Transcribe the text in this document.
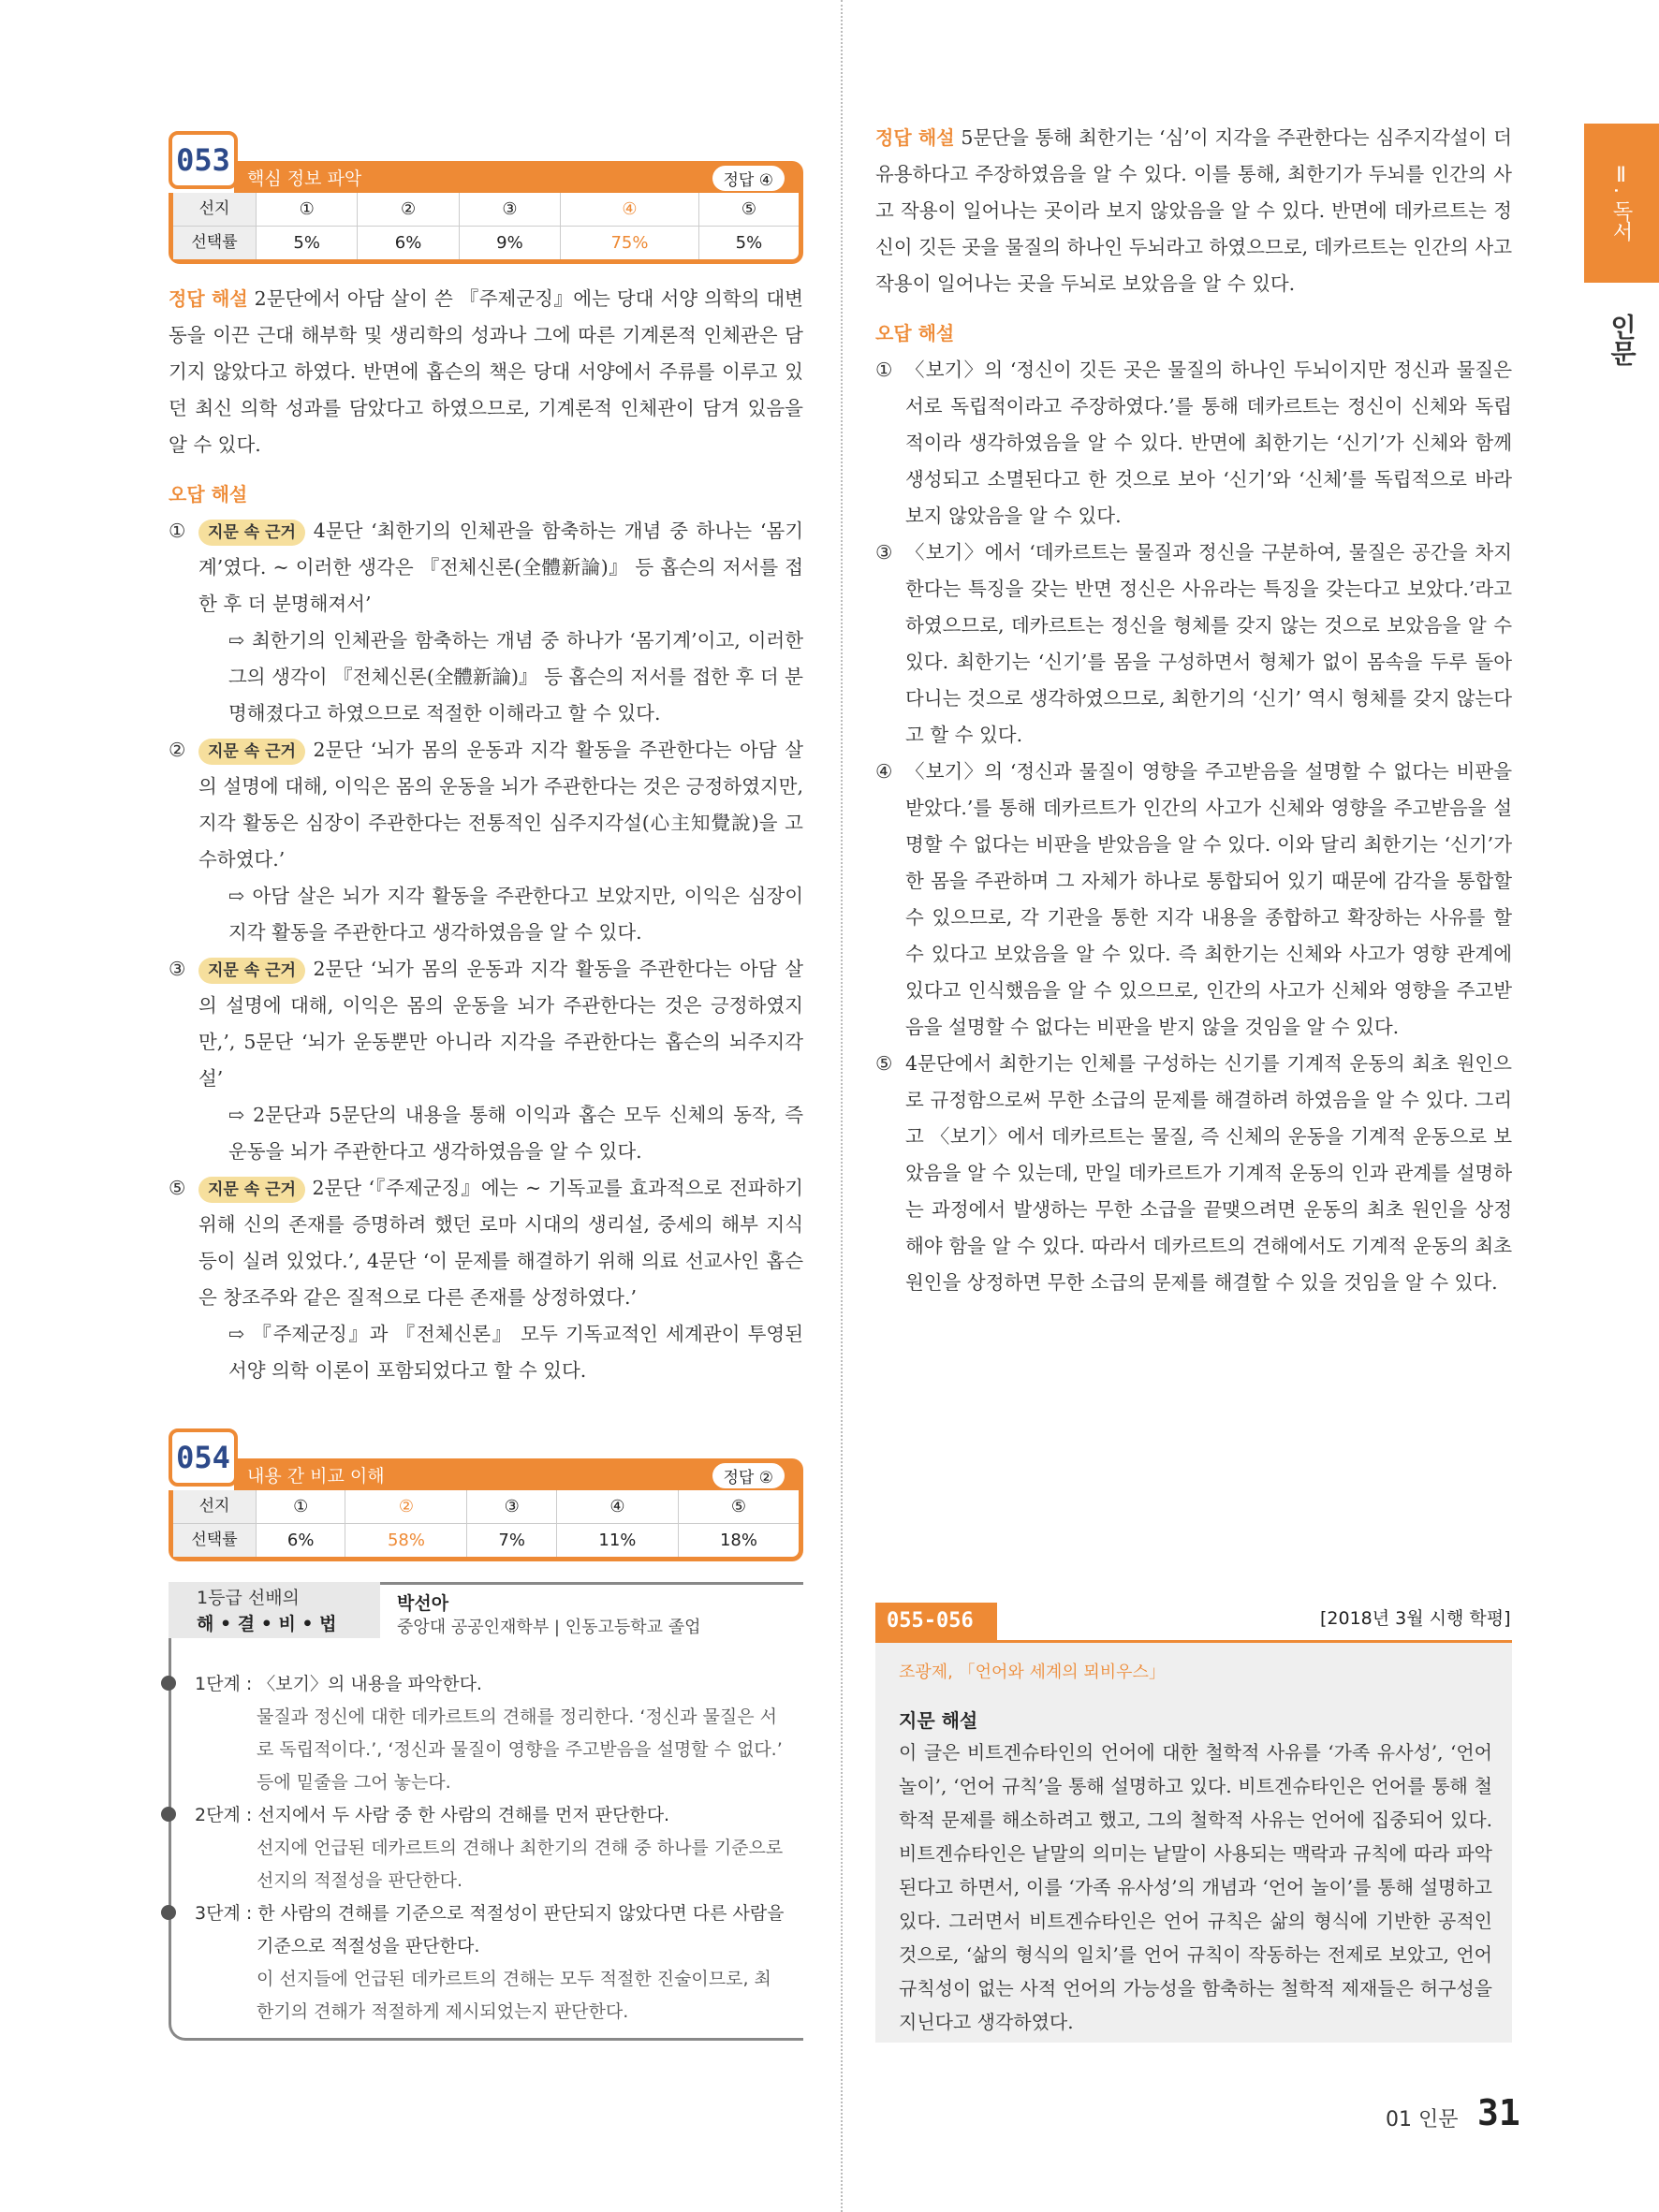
Ⅱ. 독서
인문
053
핵심 정보 파악	정답 ④
선지	①	②	③	④	⑤
선택률	5%	6%	9%	75%	5%

정답 해설 2문단에서 아담 살이 쓴 『주제군징』에는 당대 서양 의학의 대변동을 이끈 근대 해부학 및 생리학의 성과나 그에 따른 기계론적 인체관은 담기지 않았다고 하였다. 반면에 홉슨의 책은 당대 서양에서 주류를 이루고 있던 최신 의학 성과를 담았다고 하였으므로, 기계론적 인체관이 담겨 있음을 알 수 있다.

오답 해설

① 지문 속 근거 4문단 ‘최한기의 인체관을 함축하는 개념 중 하나는 ‘몸기계’였다. ~ 이러한 생각은 『전체신론(全體新論)』 등 홉슨의 저서를 접한 후 더 분명해져서’
⇨ 최한기의 인체관을 함축하는 개념 중 하나가 ‘몸기계’이고, 이러한 그의 생각이 『전체신론(全體新論)』 등 홉슨의 저서를 접한 후 더 분명해졌다고 하였으므로 적절한 이해라고 할 수 있다.
② 지문 속 근거 2문단 ‘뇌가 몸의 운동과 지각 활동을 주관한다는 아담 살의 설명에 대해, 이익은 몸의 운동을 뇌가 주관한다는 것은 긍정하였지만, 지각 활동은 심장이 주관한다는 전통적인 심주지각설(心主知覺說)을 고수하였다.’
⇨ 아담 살은 뇌가 지각 활동을 주관한다고 보았지만, 이익은 심장이 지각 활동을 주관한다고 생각하였음을 알 수 있다.
③ 지문 속 근거 2문단 ‘뇌가 몸의 운동과 지각 활동을 주관한다는 아담 살의 설명에 대해, 이익은 몸의 운동을 뇌가 주관한다는 것은 긍정하였지만,’, 5문단 ‘뇌가 운동뿐만 아니라 지각을 주관한다는 홉슨의 뇌주지각설’
⇨ 2문단과 5문단의 내용을 통해 이익과 홉슨 모두 신체의 동작, 즉 운동을 뇌가 주관한다고 생각하였음을 알 수 있다.
⑤ 지문 속 근거 2문단 ‘『주제군징』에는 ~ 기독교를 효과적으로 전파하기 위해 신의 존재를 증명하려 했던 로마 시대의 생리설, 중세의 해부 지식 등이 실려 있었다.’, 4문단 ‘이 문제를 해결하기 위해 의료 선교사인 홉슨은 창조주와 같은 질적으로 다른 존재를 상정하였다.’
⇨ 『주제군징』과 『전체신론』 모두 기독교적인 세계관이 투영된 서양 의학 이론이 포함되었다고 할 수 있다.
054
내용 간 비교 이해	정답 ②
선지	①	②	③	④	⑤
선택률	6%	58%	7%	11%	18%
1등급 선배의
해 • 결 • 비 • 법
박선아
중앙대 공공인재학부 | 인동고등학교 졸업
1단계 : 〈보기〉의 내용을 파악한다.
물질과 정신에 대한 데카르트의 견해를 정리한다. ‘정신과 물질은 서로 독립적이다.’, ‘정신과 물질이 영향을 주고받음을 설명할 수 없다.’ 등에 밑줄을 그어 놓는다.
2단계 : 선지에서 두 사람 중 한 사람의 견해를 먼저 판단한다.
선지에 언급된 데카르트의 견해나 최한기의 견해 중 하나를 기준으로 선지의 적절성을 판단한다.
3단계 : 한 사람의 견해를 기준으로 적절성이 판단되지 않았다면 다른 사람을 기준으로 적절성을 판단한다.
이 선지들에 언급된 데카르트의 견해는 모두 적절한 진술이므로, 최한기의 견해가 적절하게 제시되었는지 판단한다.

정답 해설 5문단을 통해 최한기는 ‘심’이 지각을 주관한다는 심주지각설이 더 유용하다고 주장하였음을 알 수 있다. 이를 통해, 최한기가 두뇌를 인간의 사고 작용이 일어나는 곳이라 보지 않았음을 알 수 있다. 반면에 데카르트는 정신이 깃든 곳을 물질의 하나인 두뇌라고 하였으므로, 데카르트는 인간의 사고 작용이 일어나는 곳을 두뇌로 보았음을 알 수 있다.

오답 해설

① 〈보기〉의 ‘정신이 깃든 곳은 물질의 하나인 두뇌이지만 정신과 물질은 서로 독립적이라고 주장하였다.’를 통해 데카르트는 정신이 신체와 독립적이라 생각하였음을 알 수 있다. 반면에 최한기는 ‘신기’가 신체와 함께 생성되고 소멸된다고 한 것으로 보아 ‘신기’와 ‘신체’를 독립적으로 바라보지 않았음을 알 수 있다.
③ 〈보기〉에서 ‘데카르트는 물질과 정신을 구분하여, 물질은 공간을 차지한다는 특징을 갖는 반면 정신은 사유라는 특징을 갖는다고 보았다.’라고 하였으므로, 데카르트는 정신을 형체를 갖지 않는 것으로 보았음을 알 수 있다. 최한기는 ‘신기’를 몸을 구성하면서 형체가 없이 몸속을 두루 돌아다니는 것으로 생각하였으므로, 최한기의 ‘신기’ 역시 형체를 갖지 않는다고 할 수 있다.
④ 〈보기〉의 ‘정신과 물질이 영향을 주고받음을 설명할 수 없다는 비판을 받았다.’를 통해 데카르트가 인간의 사고가 신체와 영향을 주고받음을 설명할 수 없다는 비판을 받았음을 알 수 있다. 이와 달리 최한기는 ‘신기’가 한 몸을 주관하며 그 자체가 하나로 통합되어 있기 때문에 감각을 통합할 수 있으므로, 각 기관을 통한 지각 내용을 종합하고 확장하는 사유를 할 수 있다고 보았음을 알 수 있다. 즉 최한기는 신체와 사고가 영향 관계에 있다고 인식했음을 알 수 있으므로, 인간의 사고가 신체와 영향을 주고받음을 설명할 수 없다는 비판을 받지 않을 것임을 알 수 있다.
⑤ 4문단에서 최한기는 인체를 구성하는 신기를 기계적 운동의 최초 원인으로 규정함으로써 무한 소급의 문제를 해결하려 하였음을 알 수 있다. 그리고 〈보기〉에서 데카르트는 물질, 즉 신체의 운동을 기계적 운동으로 보았음을 알 수 있는데, 만일 데카르트가 기계적 운동의 인과 관계를 설명하는 과정에서 발생하는 무한 소급을 끝맺으려면 운동의 최초 원인을 상정해야 함을 알 수 있다. 따라서 데카르트의 견해에서도 기계적 운동의 최초 원인을 상정하면 무한 소급의 문제를 해결할 수 있을 것임을 알 수 있다.
055-056	[2018년 3월 시행 학평]
조광제, 「언어와 세계의 뫼비우스」
지문 해설
이 글은 비트겐슈타인의 언어에 대한 철학적 사유를 ‘가족 유사성’, ‘언어 놀이’, ‘언어 규칙’을 통해 설명하고 있다. 비트겐슈타인은 언어를 통해 철학적 문제를 해소하려고 했고, 그의 철학적 사유는 언어에 집중되어 있다. 비트겐슈타인은 낱말의 의미는 낱말이 사용되는 맥락과 규칙에 따라 파악된다고 하면서, 이를 ‘가족 유사성’의 개념과 ‘언어 놀이’를 통해 설명하고 있다. 그러면서 비트겐슈타인은 언어 규칙은 삶의 형식에 기반한 공적인 것으로, ‘삶의 형식의 일치’를 언어 규칙이 작동하는 전제로 보았고, 언어 규칙성이 없는 사적 언어의 가능성을 함축하는 철학적 제재들은 허구성을 지닌다고 생각하였다.
01 인문 31
